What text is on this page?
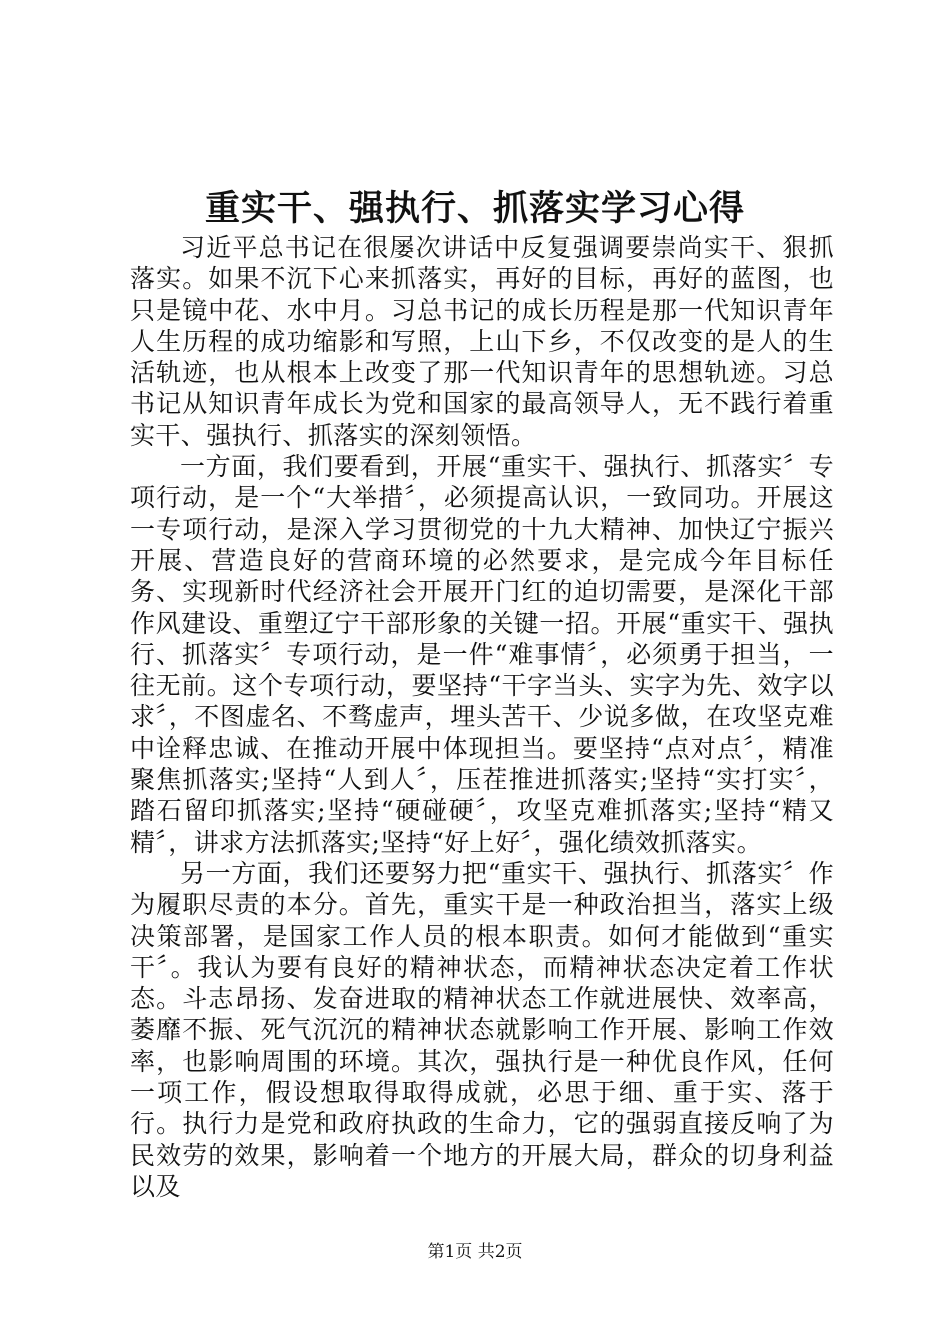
重实干、强执行、抓落实学习心得

习近平总书记在很屡次讲话中反复强调要崇尚实干、狠抓落实。如果不沉下心来抓落实，再好的目标，再好的蓝图，也只是镜中花、水中月。习总书记的成长历程是那一代知识青年人生历程的成功缩影和写照，上山下乡，不仅改变的是人的生活轨迹，也从根本上改变了那一代知识青年的思想轨迹。习总书记从知识青年成长为党和国家的最高领导人，无不践行着重实干、强执行、抓落实的深刻领悟。

一方面，我们要看到，开展“重实干、强执行、抓落实〞专项行动，是一个“大举措〞，必须提高认识，一致同功。开展这一专项行动，是深入学习贯彻党的十九大精神、加快辽宁振兴开展、营造良好的营商环境的必然要求，是完成今年目标任务、实现新时代经济社会开展开门红的迫切需要，是深化干部作风建设、重塑辽宁干部形象的关键一招。开展“重实干、强执行、抓落实〞专项行动，是一件“难事情〞，必须勇于担当，一往无前。这个专项行动，要坚持“干字当头、实字为先、效字以求〞，不图虚名、不骛虚声，埋头苦干、少说多做，在攻坚克难中诠释忠诚、在推动开展中体现担当。要坚持“点对点〞，精准聚焦抓落实;坚持“人到人〞，压茬推进抓落实;坚持“实打实〞，踏石留印抓落实;坚持“硬碰硬〞，攻坚克难抓落实;坚持“精又精〞，讲求方法抓落实;坚持“好上好〞，强化绩效抓落实。

另一方面，我们还要努力把“重实干、强执行、抓落实〞作为履职尽责的本分。首先，重实干是一种政治担当，落实上级决策部署，是国家工作人员的根本职责。如何才能做到“重实干〞。我认为要有良好的精神状态，而精神状态决定着工作状态。斗志昂扬、发奋进取的精神状态工作就进展快、效率高，萎靡不振、死气沉沉的精神状态就影响工作开展、影响工作效率，也影响周围的环境。其次，强执行是一种优良作风，任何一项工作，假设想取得取得成就，必思于细、重于实、落于行。执行力是党和政府执政的生命力，它的强弱直接反响了为民效劳的效果，影响着一个地方的开展大局，群众的切身利益以及

第1页 共2页
